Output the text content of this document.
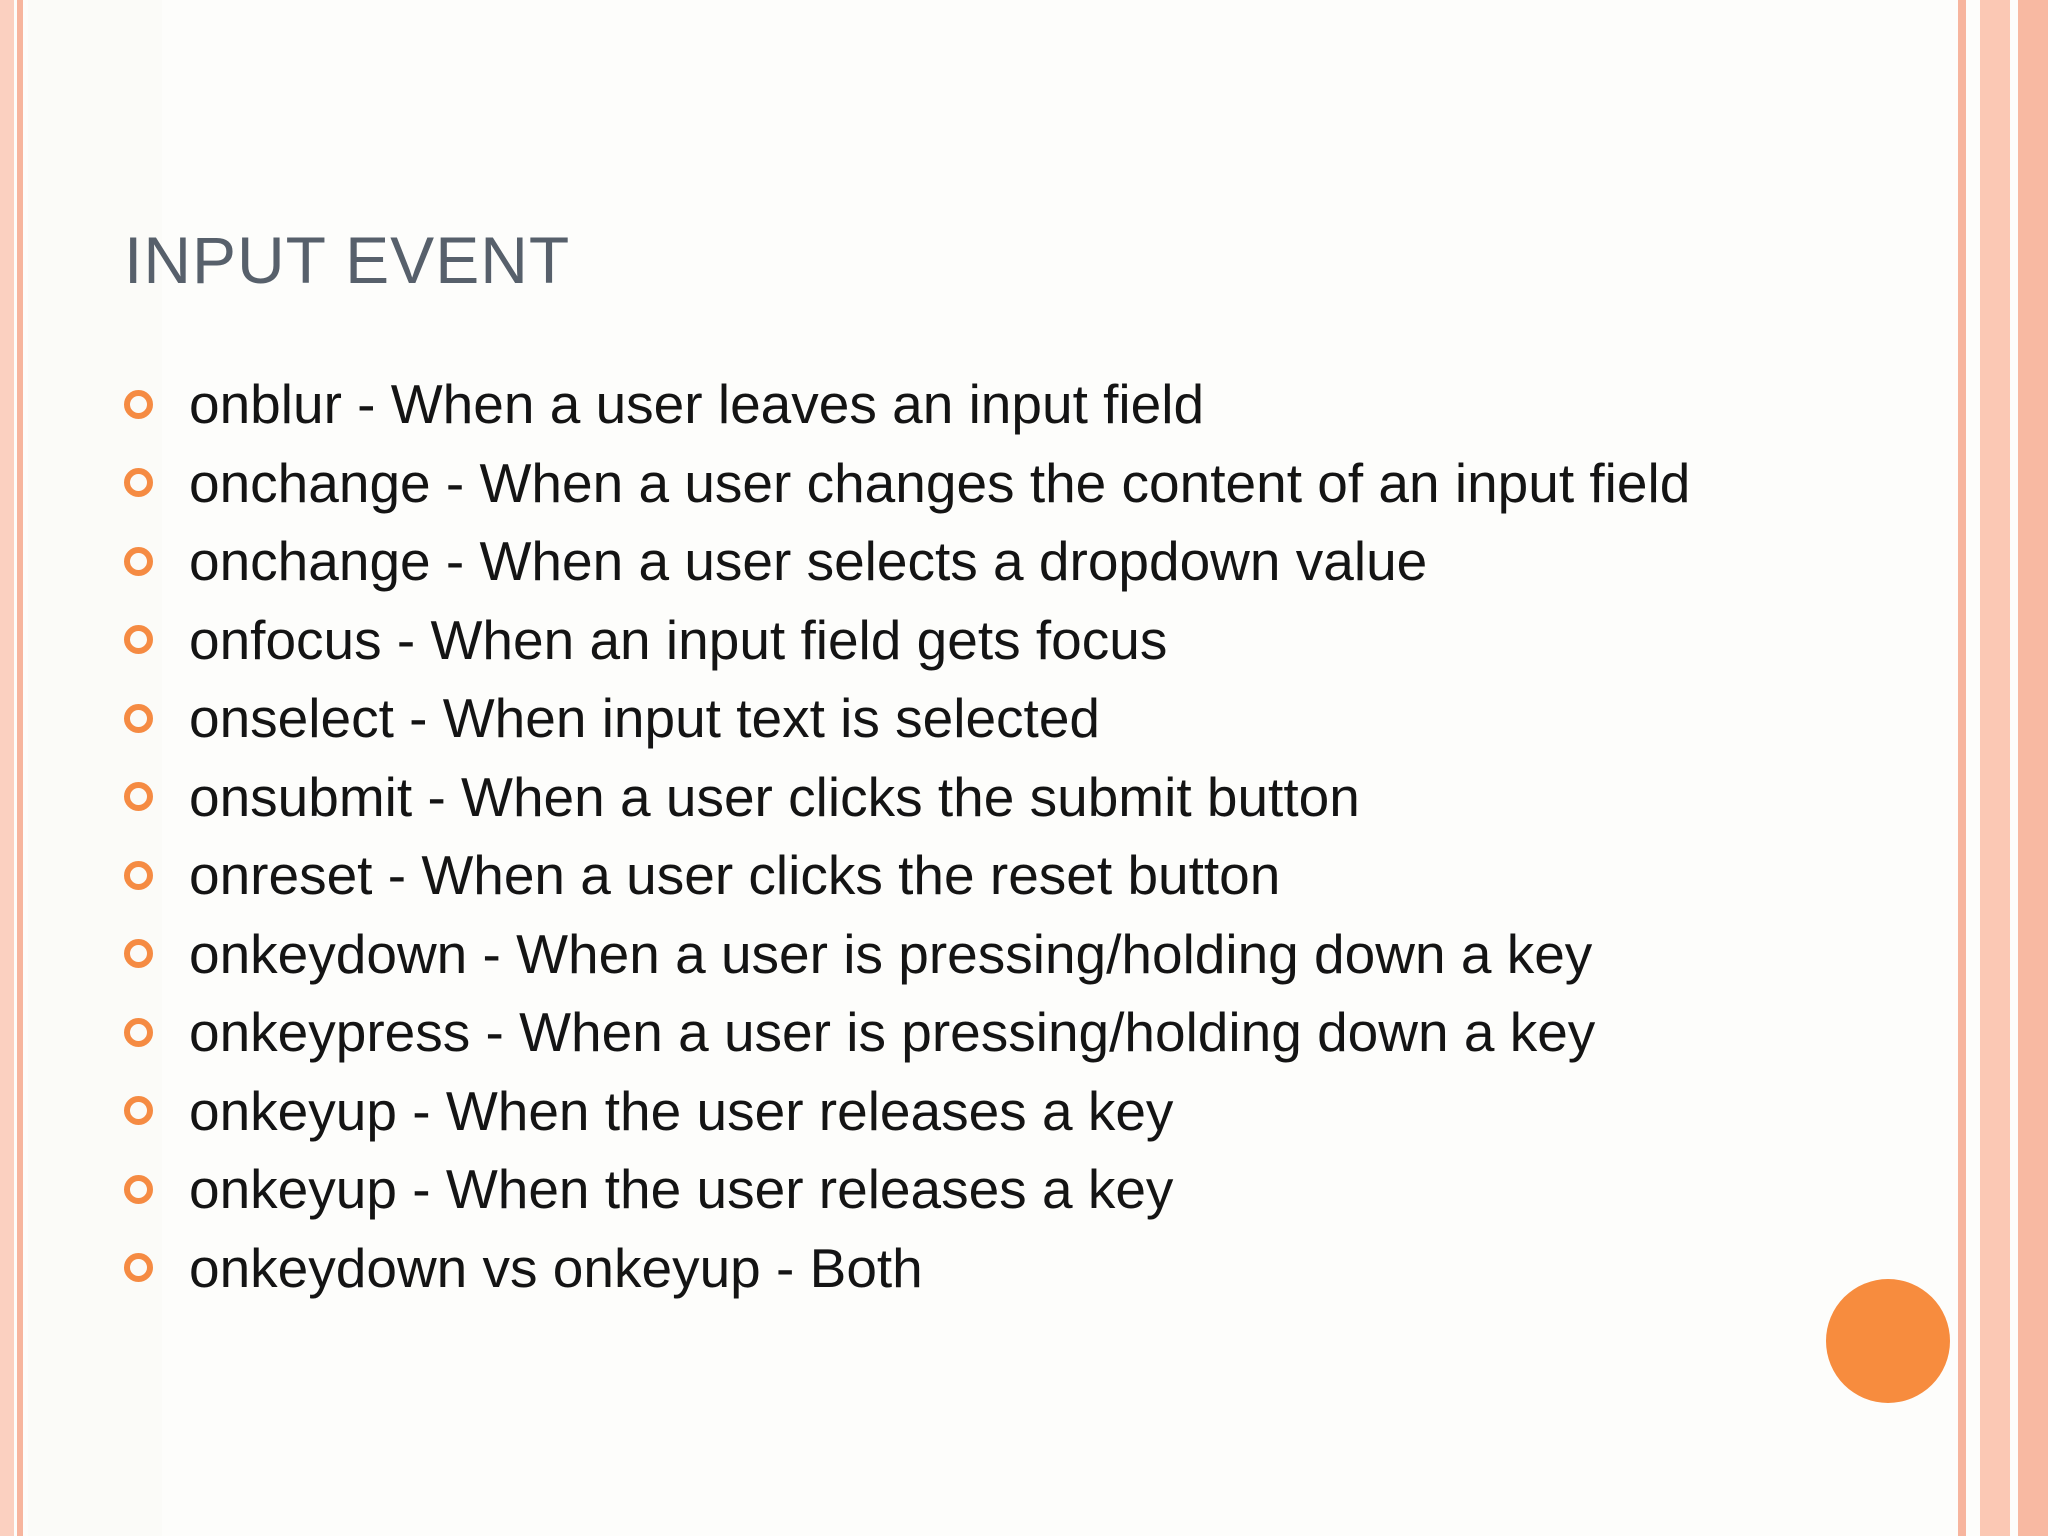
INPUT EVENT
onblur - When a user leaves an input field
onchange - When a user changes the content of an input field
onchange - When a user selects a dropdown value
onfocus - When an input field gets focus
onselect - When input text is selected
onsubmit - When a user clicks the submit button
onreset - When a user clicks the reset button
onkeydown - When a user is pressing/holding down a key
onkeypress - When a user is pressing/holding down a key
onkeyup - When the user releases a key
onkeyup - When the user releases a key
onkeydown vs onkeyup - Both
